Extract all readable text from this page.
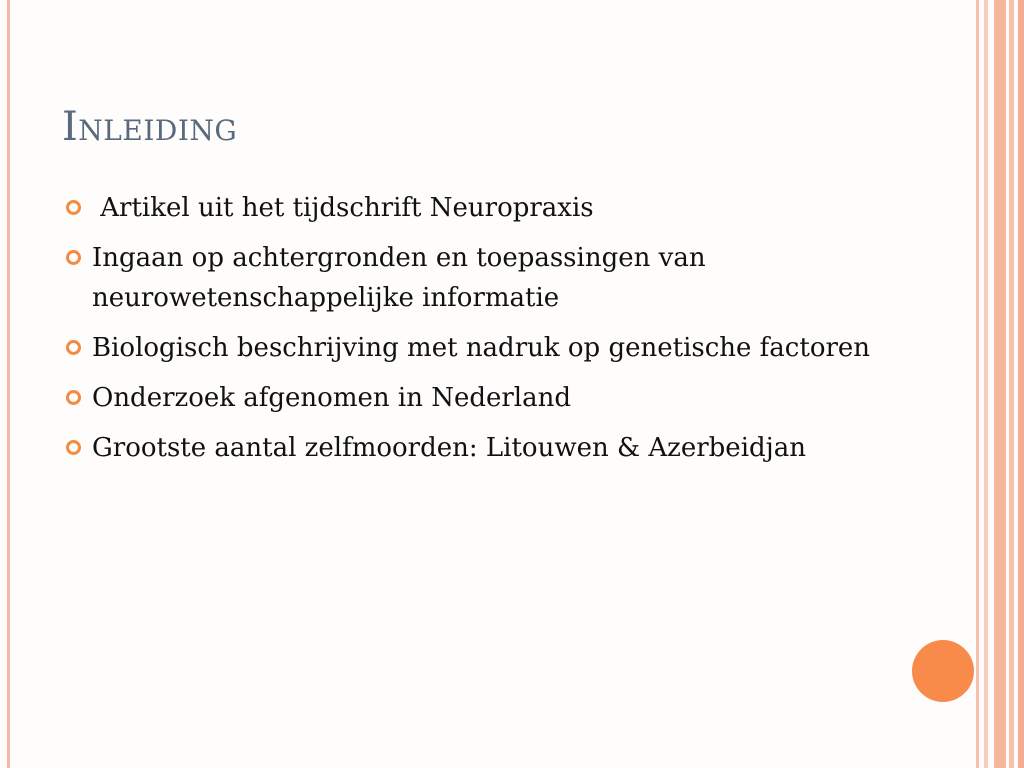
Inleiding
Artikel uit het tijdschrift Neuropraxis
Ingaan op achtergronden en toepassingen van neurowetenschappelijke informatie
Biologisch beschrijving met nadruk op genetische factoren
Onderzoek afgenomen in Nederland
Grootste aantal zelfmoorden: Litouwen & Azerbeidjan
